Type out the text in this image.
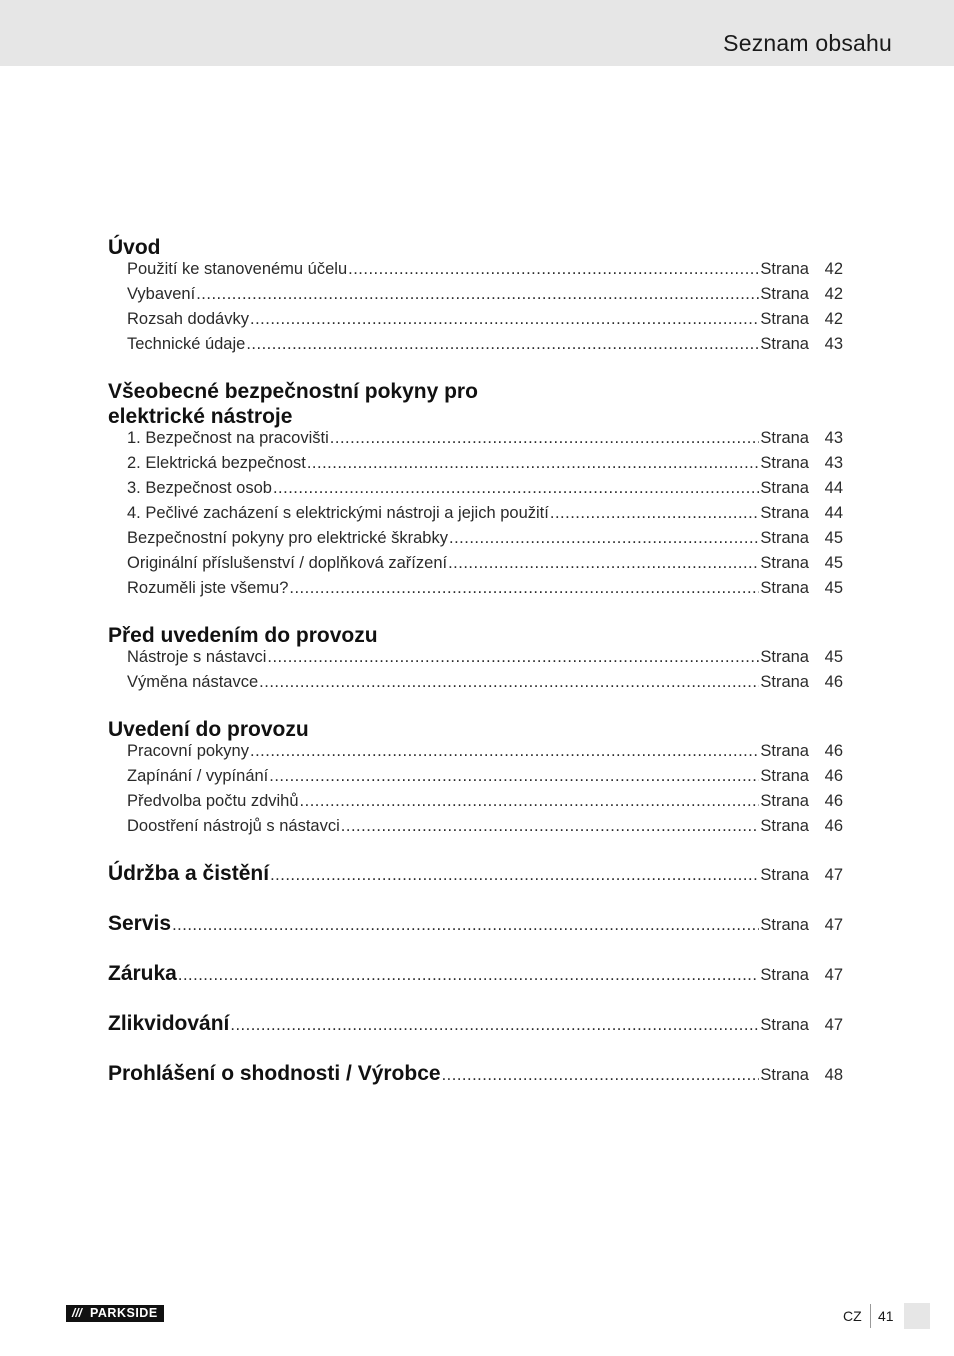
Seznam obsahu
Úvod
Použití ke stanovenému účelu .....	Strana 42
Vybavení .....	Strana 42
Rozsah dodávky .....	Strana 42
Technické údaje .....	Strana 43
Všeobecné bezpečnostní pokyny pro
elektrické nástroje
1. Bezpečnost na pracovišti .....	Strana 43
2. Elektrická bezpečnost .....	Strana 43
3. Bezpečnost osob .....	Strana 44
4. Pečlivé zacházení s elektrickými nástroji a jejich použití .....	Strana 44
Bezpečnostní pokyny pro elektrické škrabky .....	Strana 45
Originální příslušenství / doplňková zařízení .....	Strana 45
Rozuměli jste všemu? .....	Strana 45
Před uvedením do provozu
Nástroje s nástavci .....	Strana 45
Výměna nástavce .....	Strana 46
Uvedení do provozu
Pracovní pokyny .....	Strana 46
Zapínání / vypínání .....	Strana 46
Předvolba počtu zdvihů .....	Strana 46
Doostření nástrojů s nástavci .....	Strana 46
Údržba a čistění .....	Strana 47
Servis .....	Strana 47
Záruka .....	Strana 47
Zlikvidování .....	Strana 47
Prohlášení o shodnosti / Výrobce .....	Strana 48
/// PARKSIDE	CZ 41
